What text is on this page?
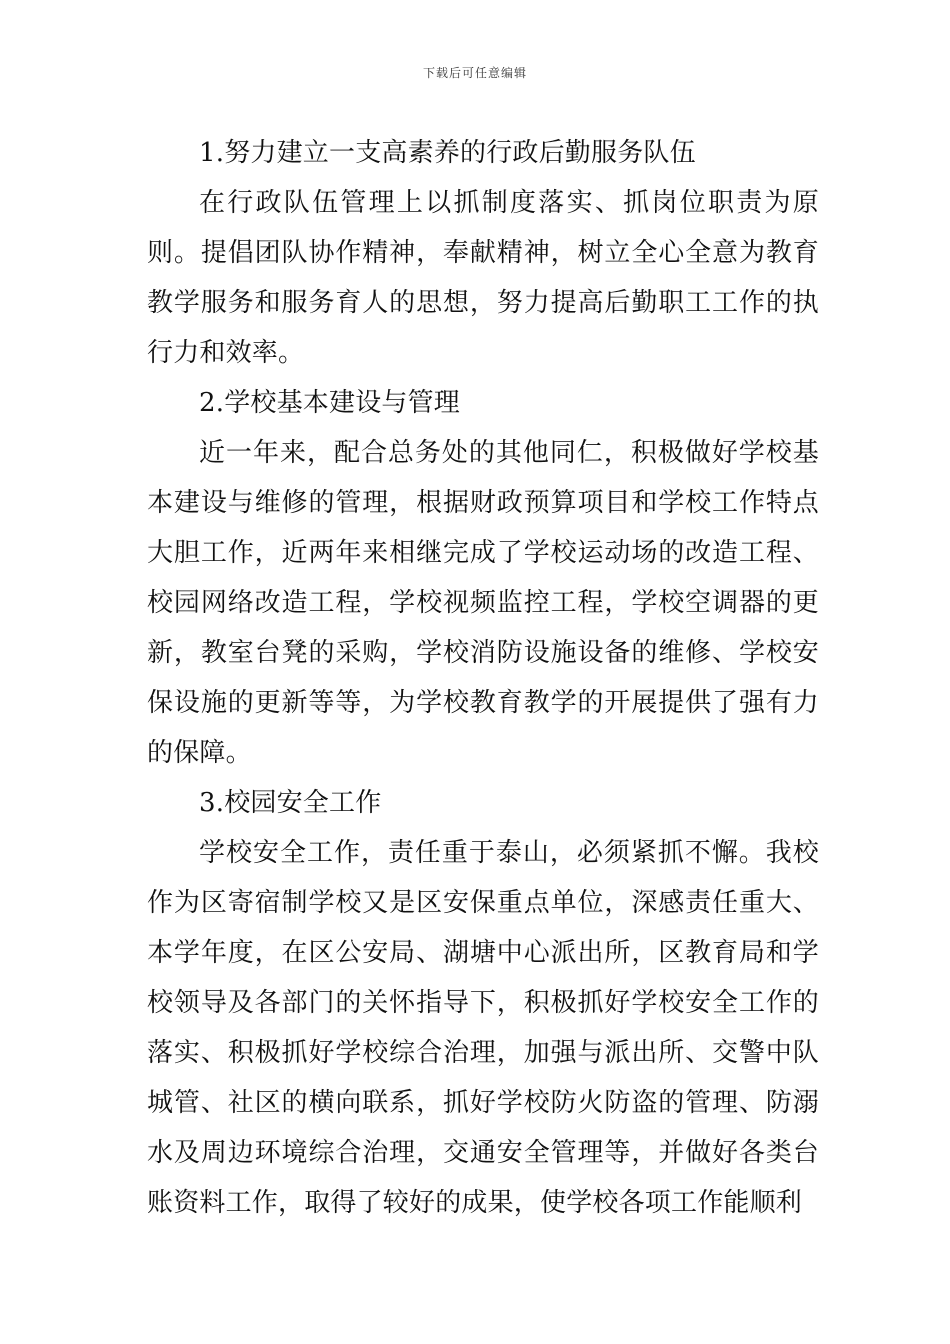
下载后可任意编辑

1.努力建立一支高素养的行政后勤服务队伍

在行政队伍管理上以抓制度落实、抓岗位职责为原则。提倡团队协作精神，奉献精神，树立全心全意为教育教学服务和服务育人的思想，努力提高后勤职工工作的执行力和效率。

2.学校基本建设与管理

近一年来，配合总务处的其他同仁，积极做好学校基本建设与维修的管理，根据财政预算项目和学校工作特点大胆工作，近两年来相继完成了学校运动场的改造工程、校园网络改造工程，学校视频监控工程，学校空调器的更新，教室台凳的采购，学校消防设施设备的维修、学校安保设施的更新等等，为学校教育教学的开展提供了强有力的保障。

3.校园安全工作

学校安全工作，责任重于泰山，必须紧抓不懈。我校作为区寄宿制学校又是区安保重点单位，深感责任重大、本学年度，在区公安局、湖塘中心派出所，区教育局和学校领导及各部门的关怀指导下，积极抓好学校安全工作的落实、积极抓好学校综合治理，加强与派出所、交警中队城管、社区的横向联系，抓好学校防火防盗的管理、防溺水及周边环境综合治理，交通安全管理等，并做好各类台账资料工作，取得了较好的成果，使学校各项工作能顺利
